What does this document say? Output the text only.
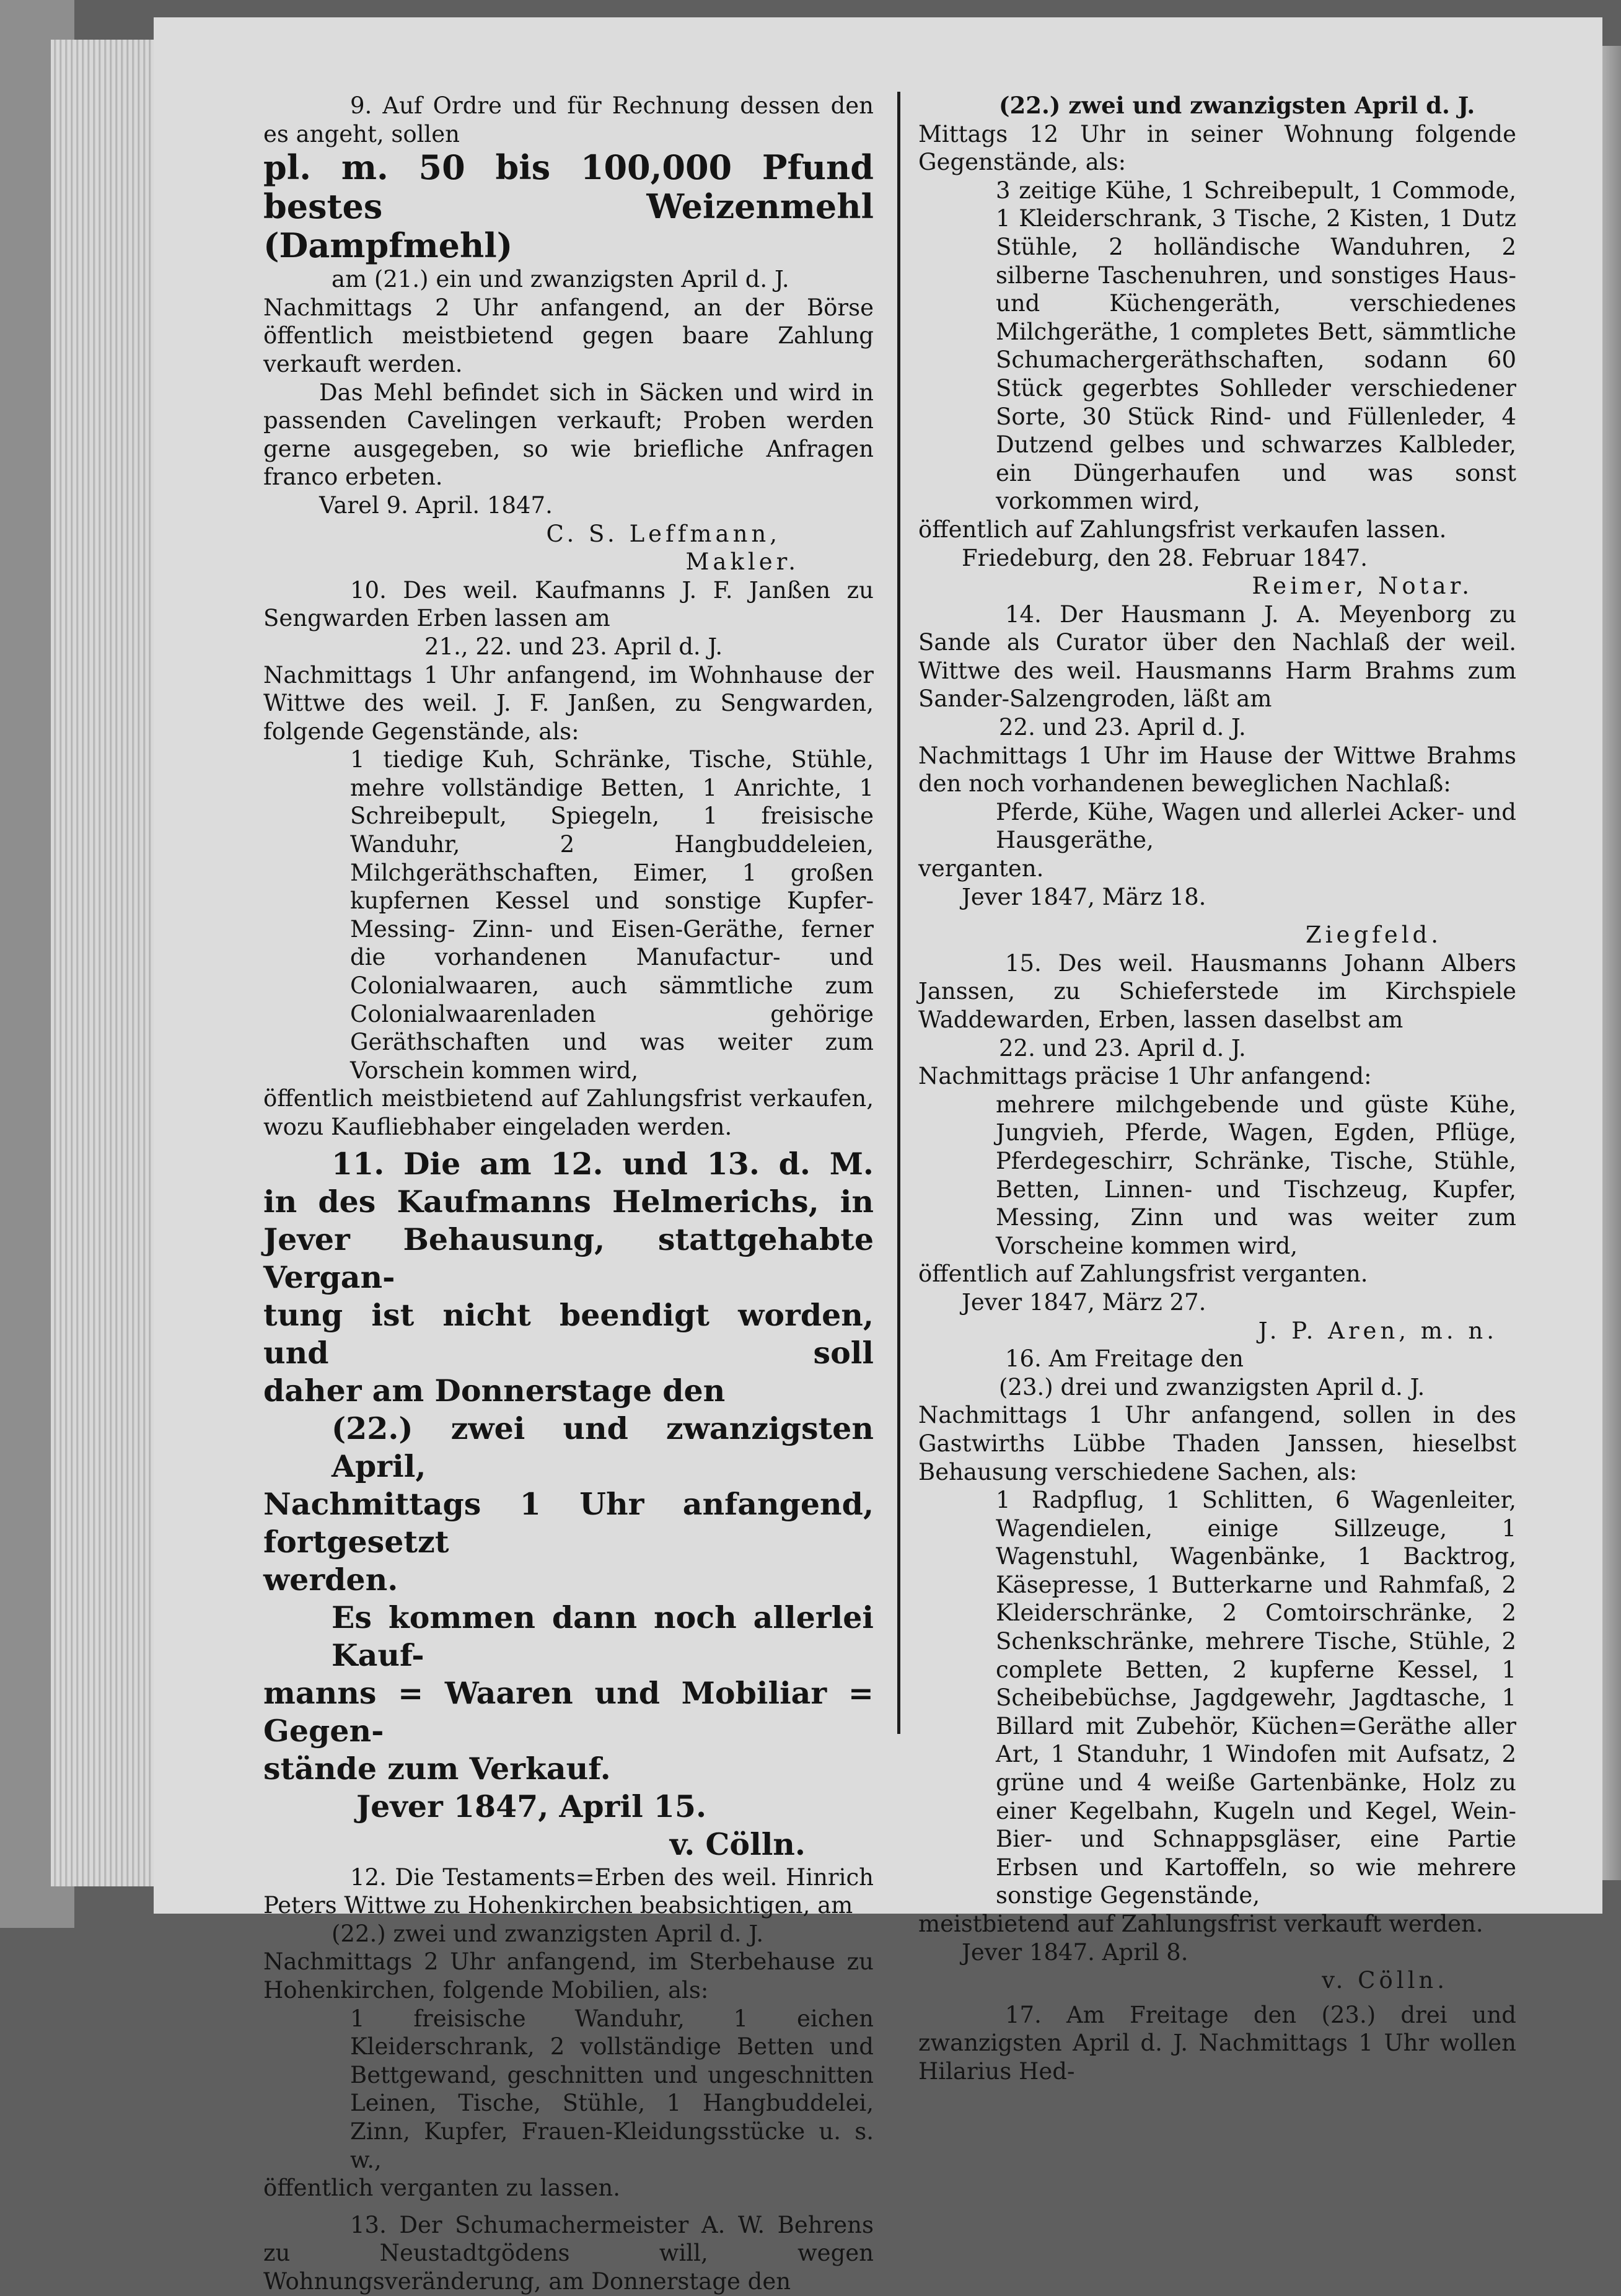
9. Auf Ordre und für Rechnung dessen den es angeht, sollen

pl. m. 50 bis 100,000 Pfund

bestes Weizenmehl (Dampfmehl)

am (21.) ein und zwanzigsten April d. J.

Nachmittags 2 Uhr anfangend, an der Börse öffentlich meistbietend gegen baare Zahlung verkauft werden.

Das Mehl befindet sich in Säcken und wird in passenden Cavelingen verkauft; Proben werden gerne ausgegeben, so wie briefliche Anfragen franco erbeten.

Varel 9. April. 1847.

C. S. Leffmann,

Makler.

10. Des weil. Kaufmanns J. F. Janßen zu Sengwarden Erben lassen am

21., 22. und 23. April d. J.

Nachmittags 1 Uhr anfangend, im Wohnhause der Wittwe des weil. J. F. Janßen, zu Sengwarden, folgende Gegenstände, als:

1 tiedige Kuh, Schränke, Tische, Stühle, mehre vollständige Betten, 1 Anrichte, 1 Schreibepult, Spiegeln, 1 freisische Wanduhr, 2 Hangbuddeleien, Milchgeräthschaften, Eimer, 1 großen kupfernen Kessel und sonstige Kupfer- Messing- Zinn- und Eisen-Geräthe, ferner die vorhandenen Manufactur- und Colonialwaaren, auch sämmtliche zum Colonialwaarenladen gehörige Geräthschaften und was weiter zum Vorschein kommen wird,

öffentlich meistbietend auf Zahlungsfrist verkaufen, wozu Kaufliebhaber eingeladen werden.

11. Die am 12. und 13. d. M.

in des Kaufmanns Helmerichs, in

Jever Behausung, stattgehabte Vergan-

tung ist nicht beendigt worden, und soll

daher am Donnerstage den

(22.) zwei und zwanzigsten April,

Nachmittags 1 Uhr anfangend, fortgesetzt

werden.

Es kommen dann noch allerlei Kauf-

manns = Waaren und Mobiliar = Gegen-

stände zum Verkauf.

Jever 1847, April 15.

v. Cölln.

12. Die Testaments=Erben des weil. Hinrich Peters Wittwe zu Hohenkirchen beabsichtigen, am

(22.) zwei und zwanzigsten April d. J.

Nachmittags 2 Uhr anfangend, im Sterbehause zu Hohenkirchen, folgende Mobilien, als:

1 freisische Wanduhr, 1 eichen Kleiderschrank, 2 vollständige Betten und Bettgewand, geschnitten und ungeschnitten Leinen, Tische, Stühle, 1 Hangbuddelei, Zinn, Kupfer, Frauen-Kleidungsstücke u. s. w.,

öffentlich verganten zu lassen.

13. Der Schumachermeister A. W. Behrens zu Neustadtgödens will, wegen Wohnungsveränderung, am Donnerstage den

(22.) zwei und zwanzigsten April d. J.

Mittags 12 Uhr in seiner Wohnung folgende Gegenstände, als:

3 zeitige Kühe, 1 Schreibepult, 1 Commode, 1 Kleiderschrank, 3 Tische, 2 Kisten, 1 Dutz Stühle, 2 holländische Wanduhren, 2 silberne Taschenuhren, und sonstiges Haus- und Küchengeräth, verschiedenes Milchgeräthe, 1 completes Bett, sämmtliche Schumachergeräthschaften, sodann 60 Stück gegerbtes Sohlleder verschiedener Sorte, 30 Stück Rind- und Füllenleder, 4 Dutzend gelbes und schwarzes Kalbleder, ein Düngerhaufen und was sonst vorkommen wird,

öffentlich auf Zahlungsfrist verkaufen lassen.

Friedeburg, den 28. Februar 1847.

Reimer, Notar.

14. Der Hausmann J. A. Meyenborg zu Sande als Curator über den Nachlaß der weil. Wittwe des weil. Hausmanns Harm Brahms zum Sander-Salzengroden, läßt am

22. und 23. April d. J.

Nachmittags 1 Uhr im Hause der Wittwe Brahms den noch vorhandenen beweglichen Nachlaß:

Pferde, Kühe, Wagen und allerlei Acker- und Hausgeräthe,

verganten.

Jever 1847, März 18.

Ziegfeld.

15. Des weil. Hausmanns Johann Albers Janssen, zu Schieferstede im Kirchspiele Waddewarden, Erben, lassen daselbst am

22. und 23. April d. J.

Nachmittags präcise 1 Uhr anfangend:

mehrere milchgebende und güste Kühe, Jungvieh, Pferde, Wagen, Egden, Pflüge, Pferdegeschirr, Schränke, Tische, Stühle, Betten, Linnen- und Tischzeug, Kupfer, Messing, Zinn und was weiter zum Vorscheine kommen wird,

öffentlich auf Zahlungsfrist verganten.

Jever 1847, März 27.

J. P. Aren, m. n.

16. Am Freitage den

(23.) drei und zwanzigsten April d. J.

Nachmittags 1 Uhr anfangend, sollen in des Gastwirths Lübbe Thaden Janssen, hieselbst Behausung verschiedene Sachen, als:

1 Radpflug, 1 Schlitten, 6 Wagenleiter, Wagendielen, einige Sillzeuge, 1 Wagenstuhl, Wagenbänke, 1 Backtrog, Käsepresse, 1 Butterkarne und Rahmfaß, 2 Kleiderschränke, 2 Comtoirschränke, 2 Schenkschränke, mehrere Tische, Stühle, 2 complete Betten, 2 kupferne Kessel, 1 Scheibebüchse, Jagdgewehr, Jagdtasche, 1 Billard mit Zubehör, Küchen=Geräthe aller Art, 1 Standuhr, 1 Windofen mit Aufsatz, 2 grüne und 4 weiße Gartenbänke, Holz zu einer Kegelbahn, Kugeln und Kegel, Wein- Bier- und Schnappsgläser, eine Partie Erbsen und Kartoffeln, so wie mehrere sonstige Gegenstände,

meistbietend auf Zahlungsfrist verkauft werden.

Jever 1847. April 8.

v. Cölln.

17. Am Freitage den (23.) drei und zwanzigsten April d. J. Nachmittags 1 Uhr wollen Hilarius Hed-
